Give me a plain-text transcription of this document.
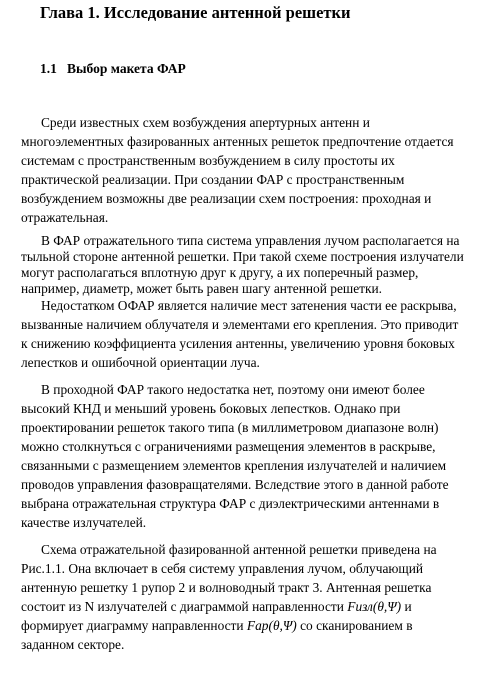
Глава 1. Исследование антенной решетки
1.1 Выбор макета ФАР
Среди известных схем возбуждения апертурных антенн и
многоэлементных фазированных антенных решеток предпочтение отдается
системам с пространственным возбуждением в силу простоты их
практической реализации. При создании ФАР с пространственным
возбуждением возможны две реализации схем построения: проходная и
отражательная.
В ФАР отражательного типа система управления лучом располагается на
тыльной стороне антенной решетки. При такой схеме построения излучатели
могут располагаться вплотную друг к другу, а их поперечный размер,
например, диаметр, может быть равен шагу антенной решетки.
Недостатком ОФАР является наличие мест затенения части ее раскрыва,
вызванные наличием облучателя и элементами его крепления. Это приводит
к снижению коэффициента усиления антенны, увеличению уровня боковых
лепестков и ошибочной ориентации луча.
В проходной ФАР такого недостатка нет, поэтому они имеют более
высокий КНД и меньший уровень боковых лепестков. Однако при
проектировании решеток такого типа (в миллиметровом диапазоне волн)
можно столкнуться с ограничениями размещения элементов в раскрыве,
связанными с размещением элементов крепления излучателей и наличием
проводов управления фазовращателями. Вследствие этого в данной работе
выбрана отражательная структура ФАР с диэлектрическими антеннами в
качестве излучателей.
Схема отражательной фазированной антенной решетки приведена на
Рис.1.1. Она включает в себя систему управления лучом, облучающий
антенную решетку 1 рупор 2 и волноводный тракт 3. Антенная решетка
состоит из N излучателей с диаграммой направленности Fизл(θ,Ψ) и
формирует диаграмму направленности Fар(θ,Ψ) со сканированием в
заданном секторе.
